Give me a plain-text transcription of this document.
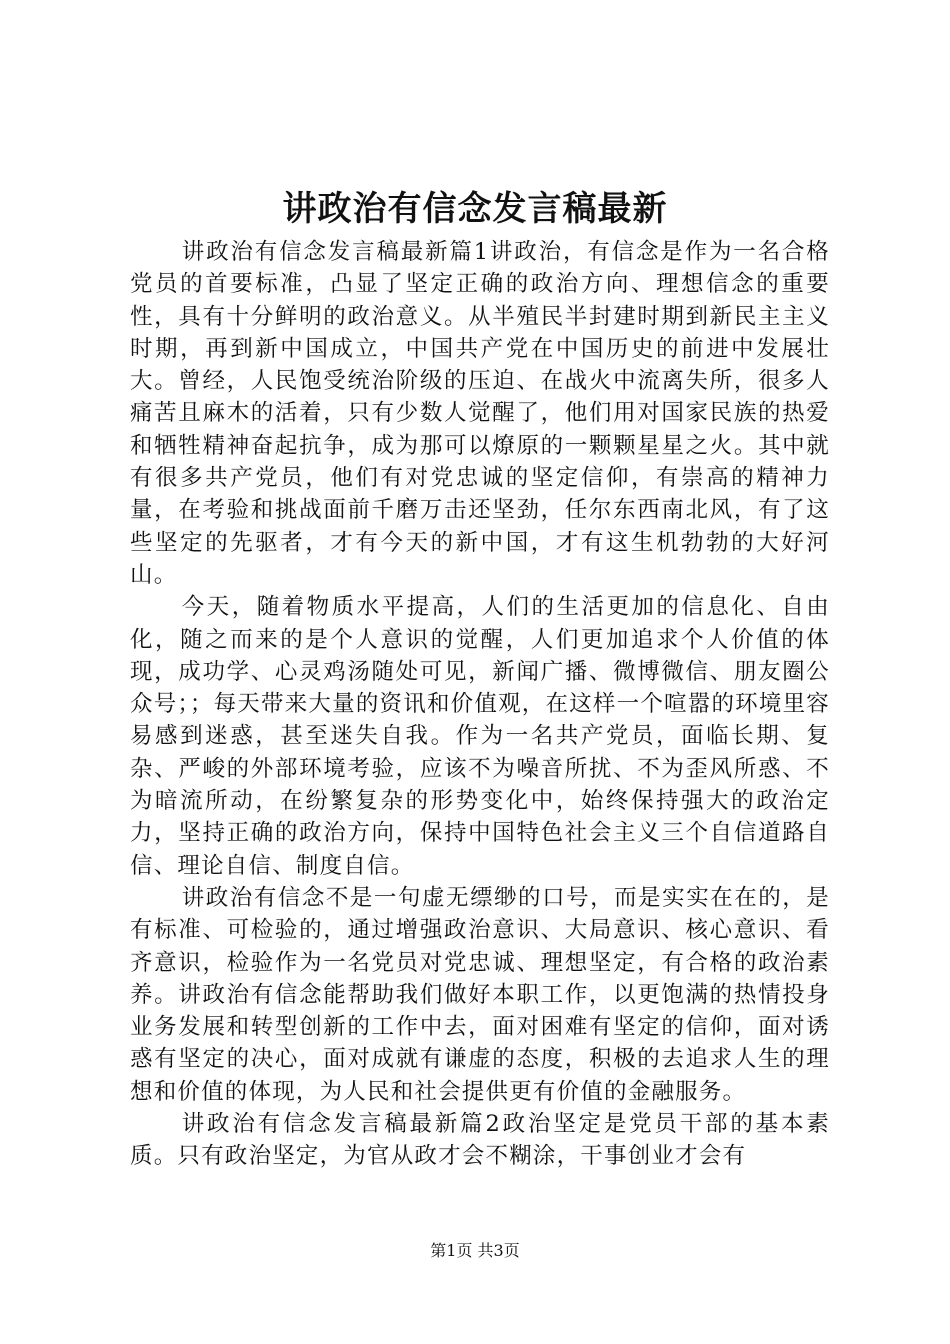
讲政治有信念发言稿最新

讲政治有信念发言稿最新篇1讲政治，有信念是作为一名合格党员的首要标准，凸显了坚定正确的政治方向、理想信念的重要性，具有十分鲜明的政治意义。从半殖民半封建时期到新民主主义时期，再到新中国成立，中国共产党在中国历史的前进中发展壮大。曾经，人民饱受统治阶级的压迫、在战火中流离失所，很多人痛苦且麻木的活着，只有少数人觉醒了，他们用对国家民族的热爱和牺牲精神奋起抗争，成为那可以燎原的一颗颗星星之火。其中就有很多共产党员，他们有对党忠诚的坚定信仰，有崇高的精神力量，在考验和挑战面前千磨万击还坚劲，任尔东西南北风，有了这些坚定的先驱者，才有今天的新中国，才有这生机勃勃的大好河山。

今天，随着物质水平提高，人们的生活更加的信息化、自由化，随之而来的是个人意识的觉醒，人们更加追求个人价值的体现，成功学、心灵鸡汤随处可见，新闻广播、微博微信、朋友圈公众号；；每天带来大量的资讯和价值观，在这样一个喧嚣的环境里容易感到迷惑，甚至迷失自我。作为一名共产党员，面临长期、复杂、严峻的外部环境考验，应该不为噪音所扰、不为歪风所惑、不为暗流所动，在纷繁复杂的形势变化中，始终保持强大的政治定力，坚持正确的政治方向，保持中国特色社会主义三个自信道路自信、理论自信、制度自信。

讲政治有信念不是一句虚无缥缈的口号，而是实实在在的，是有标准、可检验的，通过增强政治意识、大局意识、核心意识、看齐意识，检验作为一名党员对党忠诚、理想坚定，有合格的政治素养。讲政治有信念能帮助我们做好本职工作，以更饱满的热情投身业务发展和转型创新的工作中去，面对困难有坚定的信仰，面对诱惑有坚定的决心，面对成就有谦虚的态度，积极的去追求人生的理想和价值的体现，为人民和社会提供更有价值的金融服务。

讲政治有信念发言稿最新篇2政治坚定是党员干部的基本素质。只有政治坚定，为官从政才会不糊涂，干事创业才会有

第1页 共3页
